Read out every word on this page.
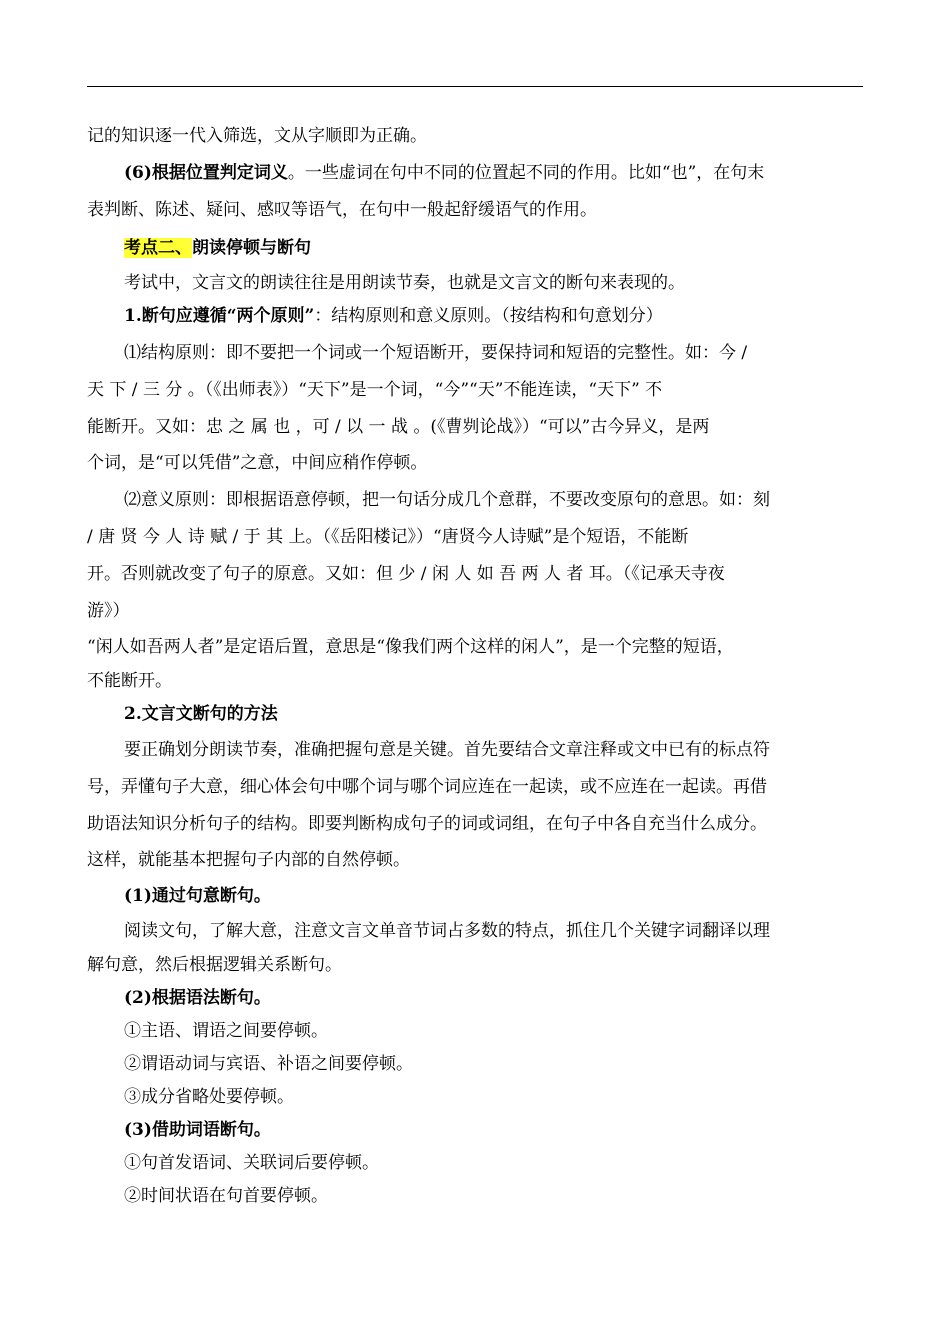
记的知识逐一代入筛选，文从字顺即为正确。

(6)根据位置判定词义。一些虚词在句中不同的位置起不同的作用。比如“也”，在句末

表判断、陈述、疑问、感叹等语气，在句中一般起舒缓语气的作用。

考点二、朗读停顿与断句

考试中，文言文的朗读往往是用朗读节奏，也就是文言文的断句来表现的。

1.断句应遵循“两个原则”：结构原则和意义原则。（按结构和句意划分）

⑴结构原则：即不要把一个词或一个短语断开，要保持词和短语的完整性。如：今 /

天 下 / 三 分 。（《出师表》）“天下”是一个词，“今”“天”不能连读，“天下” 不

能断开。又如：忠 之 属 也 ，可 / 以 一 战 。(《曹刿论战》）“可以”古今异义，是两

个词，是“可以凭借”之意，中间应稍作停顿。

⑵意义原则：即根据语意停顿，把一句话分成几个意群，不要改变原句的意思。如：刻

/ 唐 贤 今 人 诗 赋 / 于 其 上。（《岳阳楼记》）“唐贤今人诗赋”是个短语，不能断

开。否则就改变了句子的原意。又如：但 少 / 闲 人 如 吾 两 人 者 耳。（《记承天寺夜

游》）

“闲人如吾两人者”是定语后置，意思是“像我们两个这样的闲人”，是一个完整的短语，

不能断开。

2.文言文断句的方法

要正确划分朗读节奏，准确把握句意是关键。首先要结合文章注释或文中已有的标点符

号，弄懂句子大意，细心体会句中哪个词与哪个词应连在一起读，或不应连在一起读。再借

助语法知识分析句子的结构。即要判断构成句子的词或词组，在句子中各自充当什么成分。

这样，就能基本把握句子内部的自然停顿。

(1)通过句意断句。

阅读文句，了解大意，注意文言文单音节词占多数的特点，抓住几个关键字词翻译以理

解句意，然后根据逻辑关系断句。

(2)根据语法断句。

①主语、谓语之间要停顿。

②谓语动词与宾语、补语之间要停顿。

③成分省略处要停顿。

(3)借助词语断句。

①句首发语词、关联词后要停顿。

②时间状语在句首要停顿。
